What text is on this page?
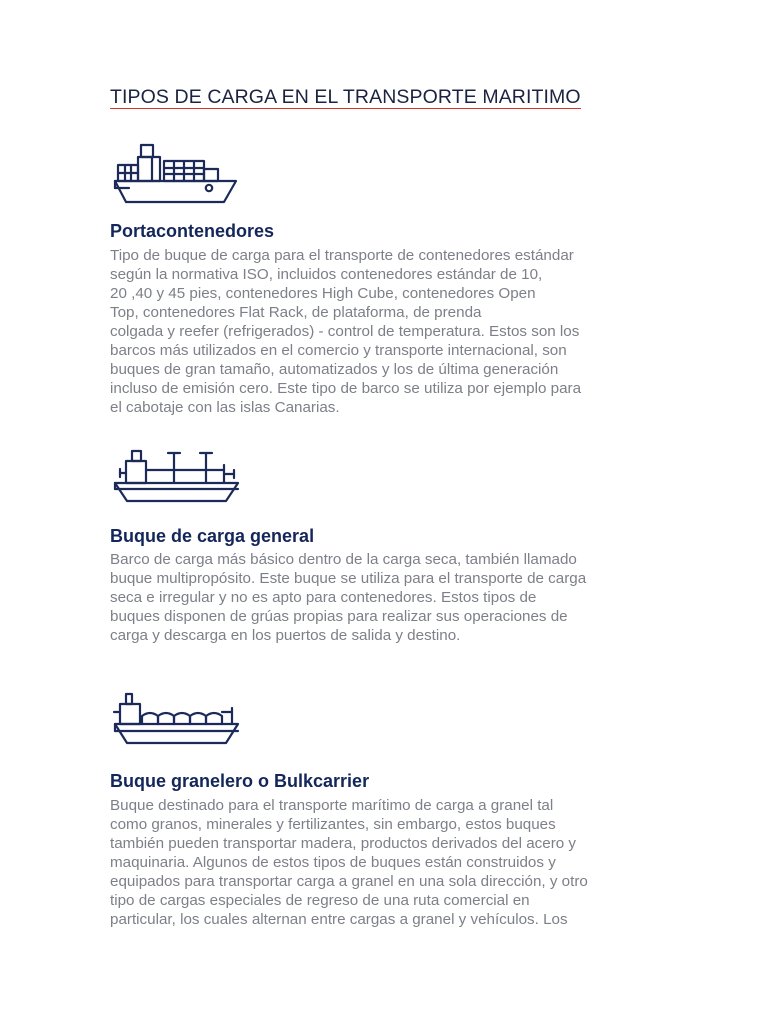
TIPOS DE CARGA EN EL TRANSPORTE MARITIMO
Portacontenedores

Tipo de buque de carga para el transporte de contenedores estándar
según la normativa ISO, incluidos contenedores estándar de 10,
20 ,40 y 45 pies, contenedores High Cube, contenedores Open
Top, contenedores Flat Rack, de plataforma, de prenda
colgada y reefer (refrigerados) - control de temperatura. Estos son los
barcos más utilizados en el comercio y transporte internacional, son
buques de gran tamaño, automatizados y los de última generación
incluso de emisión cero. Este tipo de barco se utiliza por ejemplo para
el cabotaje con las islas Canarias.

Buque de carga general

Barco de carga más básico dentro de la carga seca, también llamado
buque multipropósito. Este buque se utiliza para el transporte de carga
seca e irregular y no es apto para contenedores. Estos tipos de
buques disponen de grúas propias para realizar sus operaciones de
carga y descarga en los puertos de salida y destino.

Buque granelero o Bulkcarrier

Buque destinado para el transporte marítimo de carga a granel tal
como granos, minerales y fertilizantes, sin embargo, estos buques
también pueden transportar madera, productos derivados del acero y
maquinaria. Algunos de estos tipos de buques están construidos y
equipados para transportar carga a granel en una sola dirección, y otro
tipo de cargas especiales de regreso de una ruta comercial en
particular, los cuales alternan entre cargas a granel y vehículos. Los
